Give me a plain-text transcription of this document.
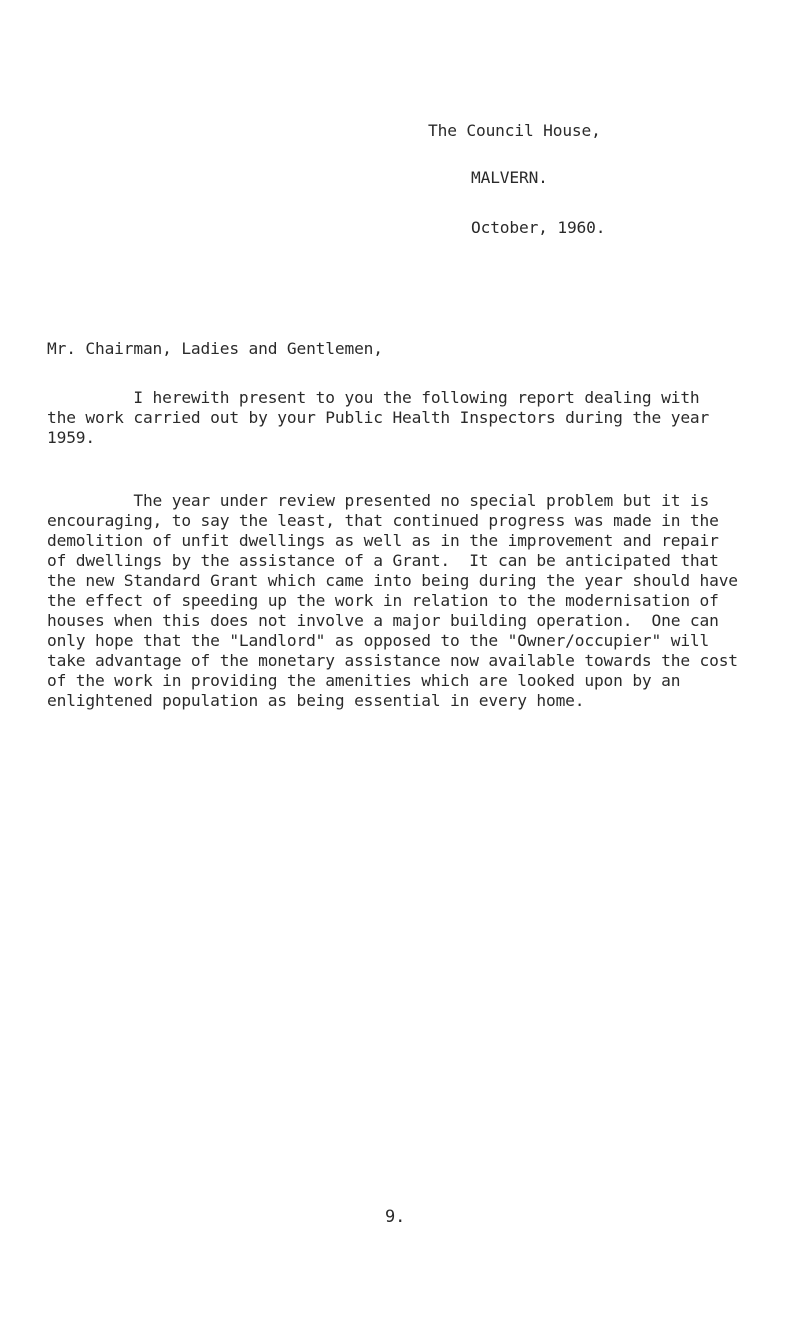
The Council House,
MALVERN.
October, 1960.
Mr. Chairman, Ladies and Gentlemen,

I herewith present to you the following report dealing with
the work carried out by your Public Health Inspectors during the year
1959.

The year under review presented no special problem but it is
encouraging, to say the least, that continued progress was made in the
demolition of unfit dwellings as well as in the improvement and repair
of dwellings by the assistance of a Grant.  It can be anticipated that
the new Standard Grant which came into being during the year should have
the effect of speeding up the work in relation to the modernisation of
houses when this does not involve a major building operation.  One can
only hope that the "Landlord" as opposed to the "Owner/occupier" will
take advantage of the monetary assistance now available towards the cost
of the work in providing the amenities which are looked upon by an
enlightened population as being essential in every home.

9.
